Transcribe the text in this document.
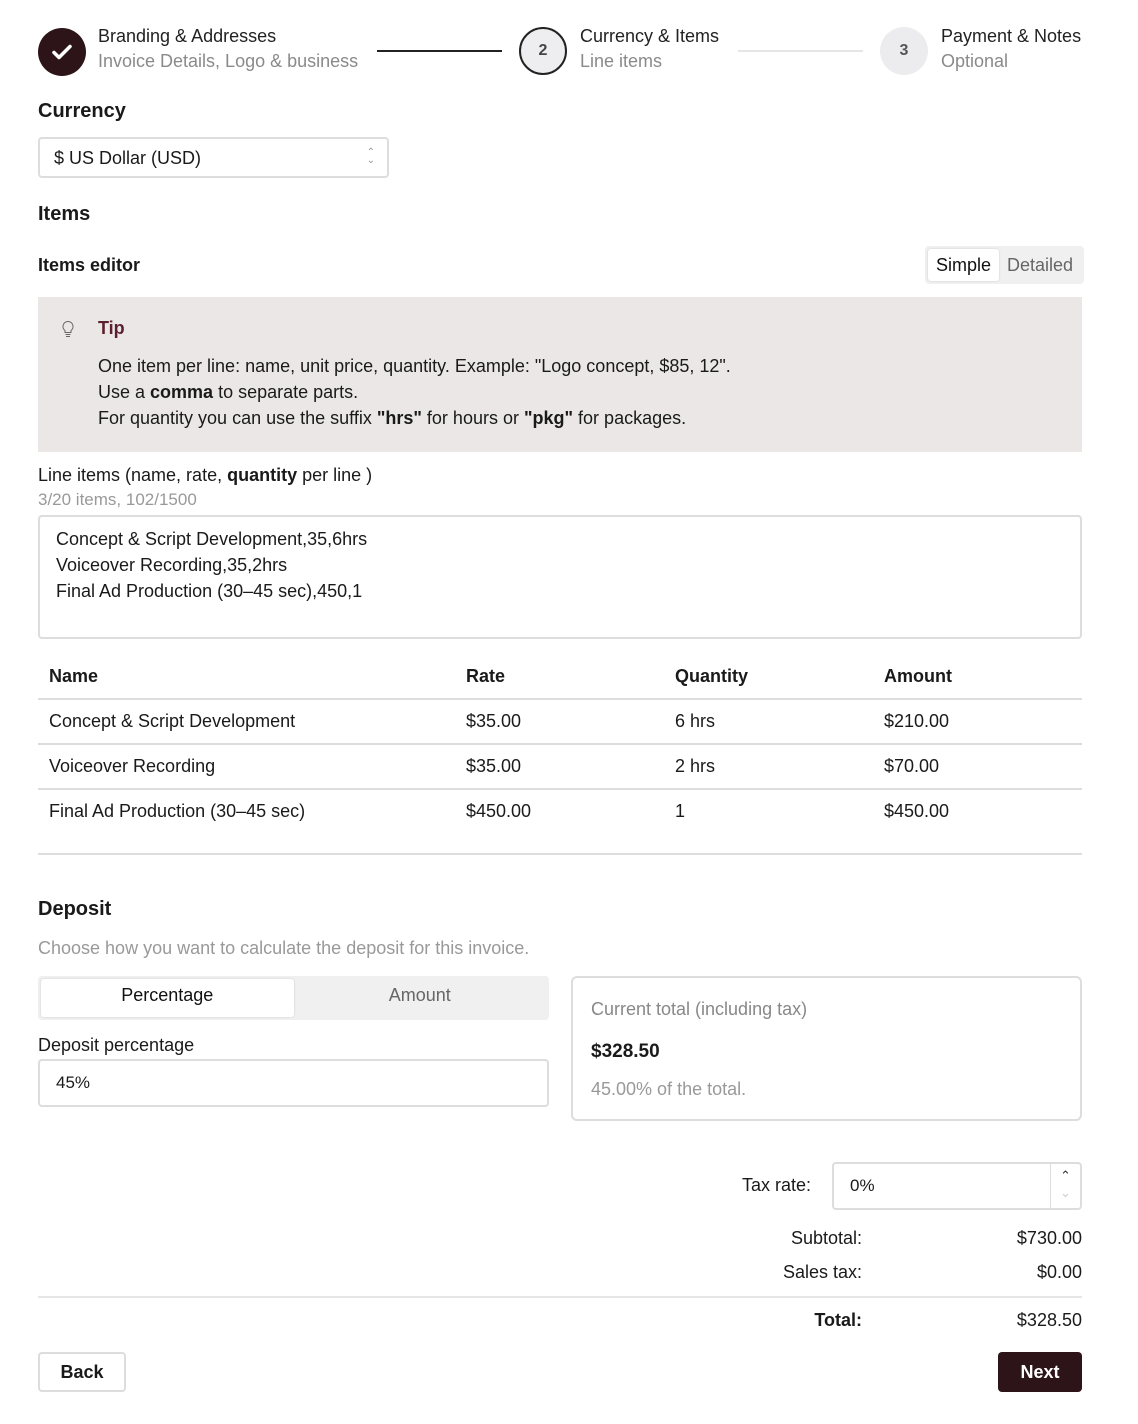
Branding & Addresses
Invoice Details, Logo & business
2
Currency & Items
Line items
3
Payment & Notes
Optional
Currency
$ US Dollar (USD)	⌃
⌄
Items
Items editor	Simple Detailed
Tip

One item per line: name, unit price, quantity. Example: "Logo concept, $85, 12".

Use a comma to separate parts.

For quantity you can use the suffix "hrs" for hours or "pkg" for packages.

Line items (name, rate, quantity per line )
3/20 items, 102/1500
Concept & Script Development,35,6hrs Voiceover Recording,35,2hrs Final Ad Production (30–45 sec),450,1
Name	Rate	Quantity	Amount
Concept & Script Development	$35.00	6 hrs	$210.00
Voiceover Recording	$35.00	2 hrs	$70.00
Final Ad Production (30–45 sec)	$450.00	1	$450.00
Deposit
Choose how you want to calculate the deposit for this invoice.
Percentage	Amount
Deposit percentage
45%
Current total (including tax)
$328.50
45.00% of the total.
Tax rate: 0%
⌃
⌄
Subtotal:	$730.00
Sales tax:	$0.00
Total:	$328.50
Back	Next
